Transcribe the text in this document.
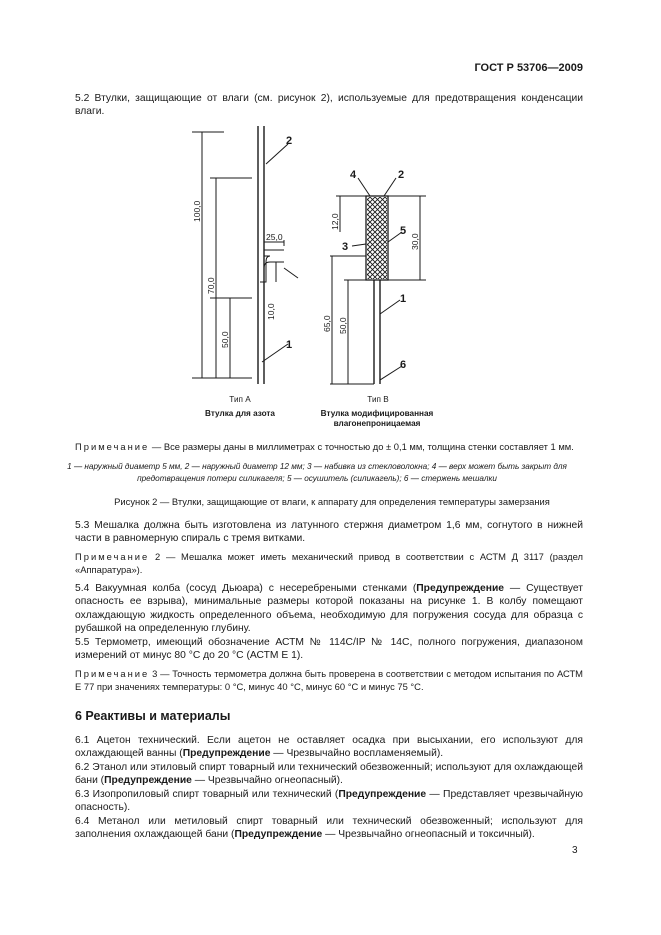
ГОСТ Р 53706—2009
5.2 Втулки, защищающие от влаги (см. рисунок 2), используемые для предотвращения конденсации влаги.
100,0
70,0
50,0
25,0
10,0
12,0
30,0
65,0 50,0
2
1
4	2
3
5
1
6
Тип А
Втулка для азота
Тип В
Втулка модифицированная
влагонепроницаемая
Примечание — Все размеры даны в миллиметрах с точностью до ± 0,1 мм, толщина стенки составляет 1 мм.
1 — наружный диаметр 5 мм, 2 — наружный диаметр 12 мм; 3 — набивка из стекловолокна; 4 — верх может быть закрыт для
предотвращения потери силикагеля; 5 — осушитель (силикагель); 6 — стержень мешалки
Рисунок 2 — Втулки, защищающие от влаги, к аппарату для определения температуры замерзания
5.3 Мешалка должна быть изготовлена из латунного стержня диаметром 1,6 мм, согнутого в нижней части в равномерную спираль с тремя витками.
Примечание 2 — Мешалка может иметь механический привод в соответствии с АСТМ Д 3117 (раздел «Аппаратура»).
5.4 Вакуумная колба (сосуд Дьюара) с несеребреными стенками (Предупреждение — Существует опасность ее взрыва), минимальные размеры которой показаны на рисунке 1. В колбу помещают охлаждающую жидкость определенного объема, необходимую для погружения сосуда для образца с рубашкой на определенную глубину.
5.5 Термометр, имеющий обозначение АСТМ № 114С/IP № 14С, полного погружения, диапазоном измерений от минус 80 °С до 20 °С (АСТМ Е 1).
Примечание 3 — Точность термометра должна быть проверена в соответствии с методом испытания по АСТМ Е 77 при значениях температуры: 0 °С, минус 40 °С, минус 60 °С и минус 75 °С.
6 Реактивы и материалы
6.1 Ацетон технический. Если ацетон не оставляет осадка при высыхании, его используют для охлаждающей ванны (Предупреждение — Чрезвычайно воспламеняемый).
6.2 Этанол или этиловый спирт товарный или технический обезвоженный; используют для охлаждающей бани (Предупреждение — Чрезвычайно огнеопасный).
6.3 Изопропиловый спирт товарный или технический (Предупреждение — Представляет чрезвычайную опасность).
6.4 Метанол или метиловый спирт товарный или технический обезвоженный; используют для заполнения охлаждающей бани (Предупреждение — Чрезвычайно огнеопасный и токсичный).
3
